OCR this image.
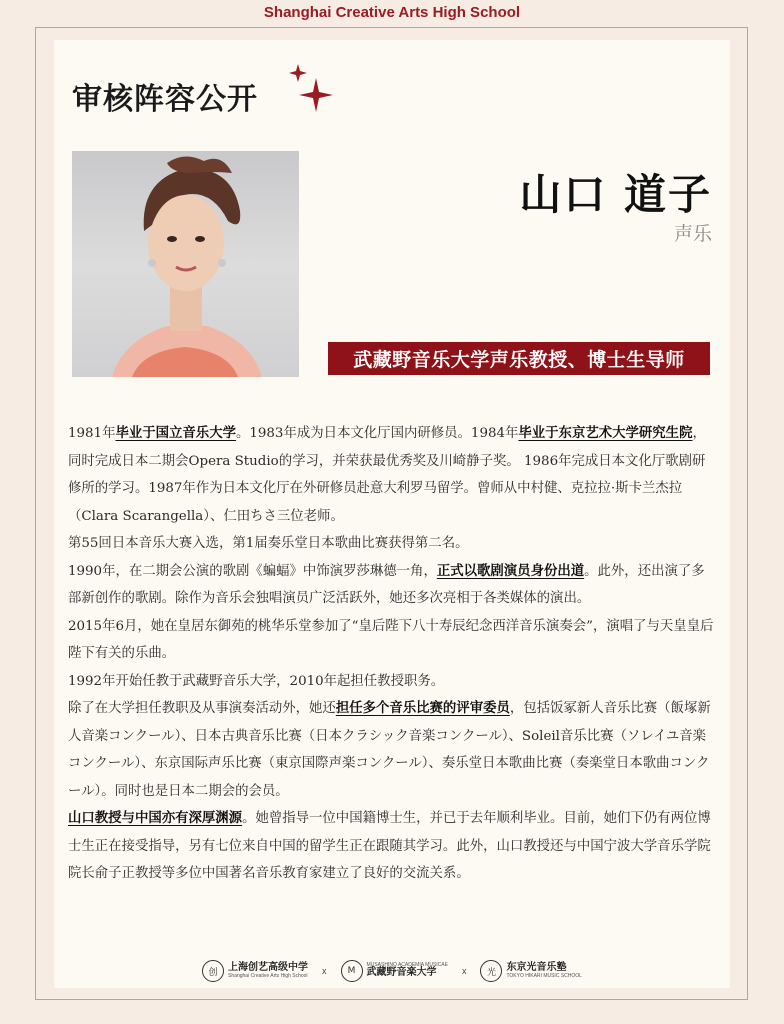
Shanghai Creative Arts High School
审核阵容公开
山口 道子
声乐
武藏野音乐大学声乐教授、博士生导师

1981年毕业于国立音乐大学。1983年成为日本文化厅国内研修员。1984年毕业于东京艺术大学研究生院，同时完成日本二期会Opera Studio的学习，并荣获最优秀奖及川崎静子奖。 1986年完成日本文化厅歌剧研修所的学习。1987年作为日本文化厅在外研修员赴意大利罗马留学。曾师从中村健、克拉拉·斯卡兰杰拉（Clara Scarangella）、仁田ちさ三位老师。

第55回日本音乐大赛入选，第1届奏乐堂日本歌曲比赛获得第二名。

1990年，在二期会公演的歌剧《蝙蝠》中饰演罗莎琳德一角，正式以歌剧演员身份出道。此外，还出演了多部新创作的歌剧。除作为音乐会独唱演员广泛活跃外，她还多次亮相于各类媒体的演出。

2015年6月，她在皇居东御苑的桃华乐堂参加了“皇后陛下八十寿辰纪念西洋音乐演奏会”，演唱了与天皇皇后陛下有关的乐曲。

1992年开始任教于武藏野音乐大学，2010年起担任教授职务。

除了在大学担任教职及从事演奏活动外，她还担任多个音乐比赛的评审委员，包括饭冢新人音乐比赛（飯塚新人音楽コンクール）、日本古典音乐比赛（日本クラシック音楽コンクール）、Soleil音乐比赛（ソレイユ音楽コンクール）、东京国际声乐比赛（東京国際声楽コンクール）、奏乐堂日本歌曲比赛（奏楽堂日本歌曲コンクール）。同时也是日本二期会的会员。

山口教授与中国亦有深厚渊源。她曾指导一位中国籍博士生，并已于去年顺利毕业。目前，她们下仍有两位博士生正在接受指导，另有七位来自中国的留学生正在跟随其学习。此外，山口教授还与中国宁波大学音乐学院院长俞子正教授等多位中国著名音乐教育家建立了良好的交流关系。

创	上海创艺高级中学
Shanghai Creative Arts High School x	M
MUSASHINO ACADEMIA MUSICAE
武藏野音楽大学	x	光	东京光音乐塾
TOKYO HIKARI MUSIC SCHOOL
